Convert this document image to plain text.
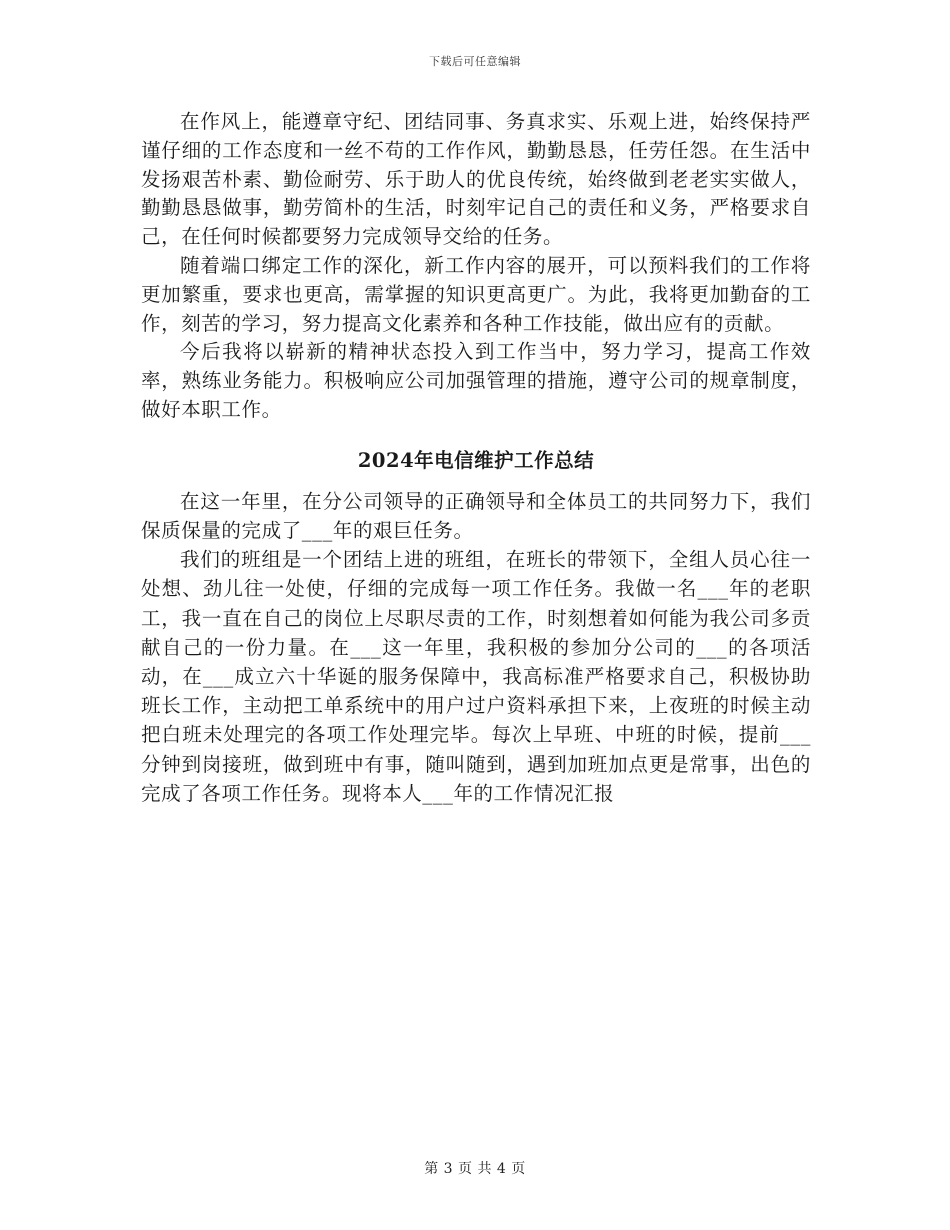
下载后可任意编辑

在作风上，能遵章守纪、团结同事、务真求实、乐观上进，始终保持严谨仔细的工作态度和一丝不苟的工作作风，勤勤恳恳，任劳任怨。在生活中发扬艰苦朴素、勤俭耐劳、乐于助人的优良传统，始终做到老老实实做人，勤勤恳恳做事，勤劳简朴的生活，时刻牢记自己的责任和义务，严格要求自己，在任何时候都要努力完成领导交给的任务。

随着端口绑定工作的深化，新工作内容的展开，可以预料我们的工作将更加繁重，要求也更高，需掌握的知识更高更广。为此，我将更加勤奋的工作，刻苦的学习，努力提高文化素养和各种工作技能，做出应有的贡献。

今后我将以崭新的精神状态投入到工作当中，努力学习，提高工作效率，熟练业务能力。积极响应公司加强管理的措施，遵守公司的规章制度，做好本职工作。

2024年电信维护工作总结

在这一年里，在分公司领导的正确领导和全体员工的共同努力下，我们保质保量的完成了___年的艰巨任务。

我们的班组是一个团结上进的班组，在班长的带领下，全组人员心往一处想、劲儿往一处使，仔细的完成每一项工作任务。我做一名___年的老职工，我一直在自己的岗位上尽职尽责的工作，时刻想着如何能为我公司多贡献自己的一份力量。在___这一年里，我积极的参加分公司的___的各项活动，在___成立六十华诞的服务保障中，我高标准严格要求自己，积极协助班长工作，主动把工单系统中的用户过户资料承担下来，上夜班的时候主动把白班未处理完的各项工作处理完毕。每次上早班、中班的时候，提前___分钟到岗接班，做到班中有事，随叫随到，遇到加班加点更是常事，出色的完成了各项工作任务。现将本人___年的工作情况汇报

第 3 页 共 4 页
